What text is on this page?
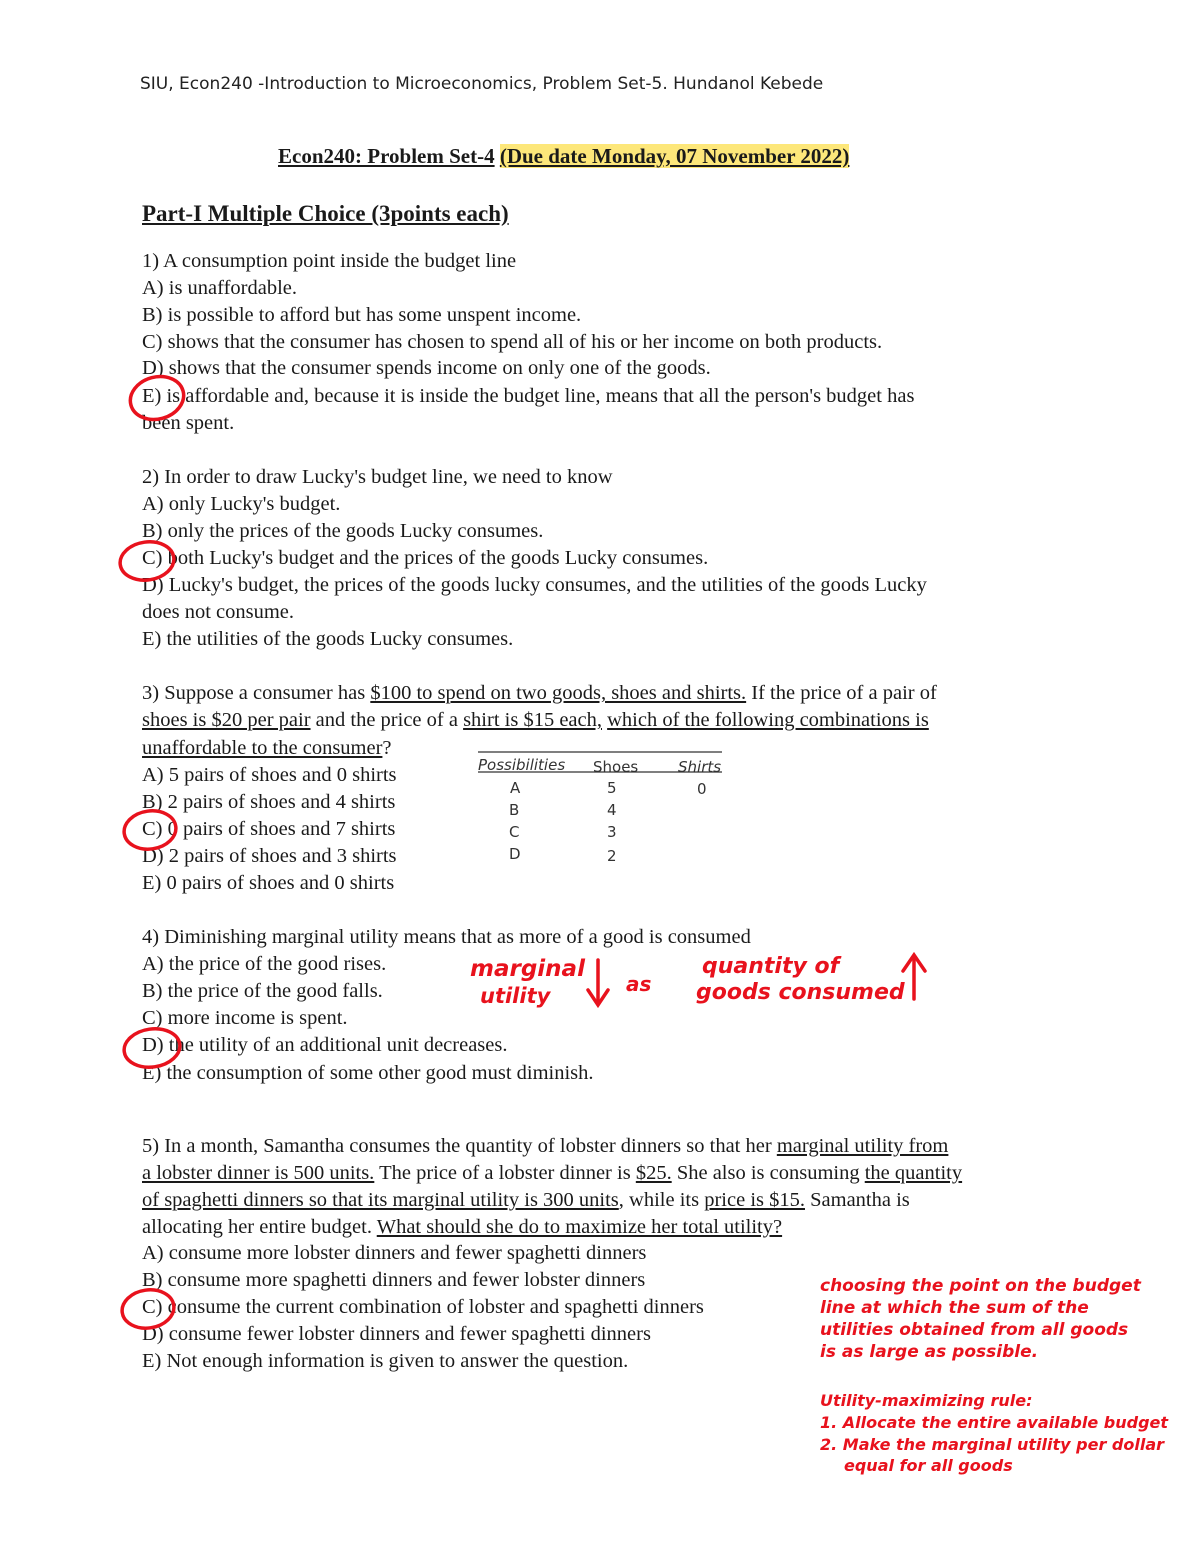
SIU, Econ240 -Introduction to Microeconomics, Problem Set-5. Hundanol Kebede
Econ240: Problem Set-4 (Due date Monday, 07 November 2022)
Part-I Multiple Choice (3points each)
1) A consumption point inside the budget line
A) is unaffordable.
B) is possible to afford but has some unspent income.
C) shows that the consumer has chosen to spend all of his or her income on both products.
D) shows that the consumer spends income on only one of the goods.
E) is affordable and, because it is inside the budget line, means that all the person's budget has
been spent.
2) In order to draw Lucky's budget line, we need to know
A) only Lucky's budget.
B) only the prices of the goods Lucky consumes.
C) both Lucky's budget and the prices of the goods Lucky consumes.
D) Lucky's budget, the prices of the goods lucky consumes, and the utilities of the goods Lucky
does not consume.
E) the utilities of the goods Lucky consumes.
3) Suppose a consumer has $100 to spend on two goods, shoes and shirts. If the price of a pair of
shoes is $20 per pair and the price of a shirt is $15 each, which of the following combinations is
unaffordable to the consumer?
A) 5 pairs of shoes and 0 shirts
B) 2 pairs of shoes and 4 shirts
C) 0 pairs of shoes and 7 shirts
D) 2 pairs of shoes and 3 shirts
E) 0 pairs of shoes and 0 shirts
Possibilities Shoes	Shirts
A	5	0
B	4
C	3
D	2
4) Diminishing marginal utility means that as more of a good is consumed
A) the price of the good rises.
B) the price of the good falls.
C) more income is spent.
D) the utility of an additional unit decreases.
E) the consumption of some other good must diminish.
marginal
utility	as
quantity of
goods consumed
5) In a month, Samantha consumes the quantity of lobster dinners so that her marginal utility from
a lobster dinner is 500 units. The price of a lobster dinner is $25. She also is consuming the quantity
of spaghetti dinners so that its marginal utility is 300 units, while its price is $15. Samantha is
allocating her entire budget. What should she do to maximize her total utility?
A) consume more lobster dinners and fewer spaghetti dinners
B) consume more spaghetti dinners and fewer lobster dinners
C) consume the current combination of lobster and spaghetti dinners
D) consume fewer lobster dinners and fewer spaghetti dinners
E) Not enough information is given to answer the question.
choosing the point on the budget
line at which the sum of the
utilities obtained from all goods
is as large as possible.
Utility-maximizing rule:
1. Allocate the entire available budget
2. Make the marginal utility per dollar
equal for all goods
